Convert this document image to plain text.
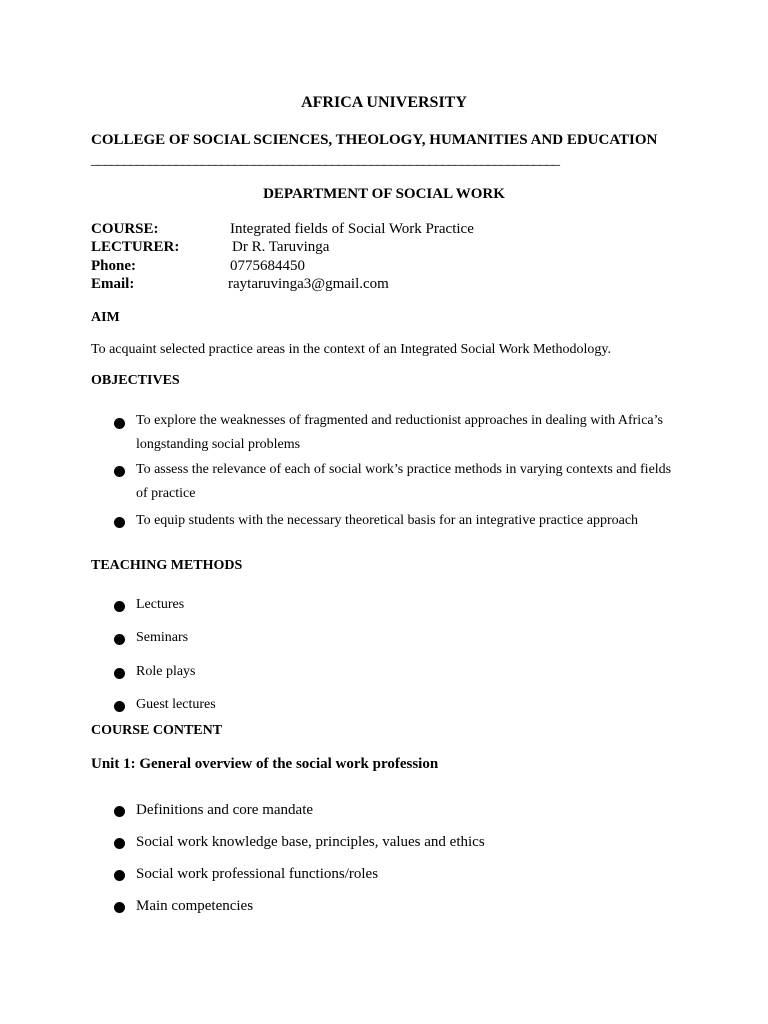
AFRICA UNIVERSITY
COLLEGE OF SOCIAL SCIENCES, THEOLOGY, HUMANITIES AND EDUCATION
________________________________________________________________________
DEPARTMENT OF SOCIAL WORK
COURSE:	Integrated fields of Social Work Practice
LECTURER:	Dr R. Taruvinga
Phone:	0775684450
Email:	raytaruvinga3@gmail.com
AIM
To acquaint selected practice areas in the context of an Integrated Social Work Methodology.
OBJECTIVES
To explore the weaknesses of fragmented and reductionist approaches in dealing with Africa’s
longstanding social problems
To assess the relevance of each of social work’s practice methods in varying contexts and fields
of practice
To equip students with the necessary theoretical basis for an integrative practice approach
TEACHING METHODS
Lectures
Seminars
Role plays
Guest lectures
COURSE CONTENT
Unit 1: General overview of the social work profession
Definitions and core mandate
Social work knowledge base, principles, values and ethics
Social work professional functions/roles
Main competencies
